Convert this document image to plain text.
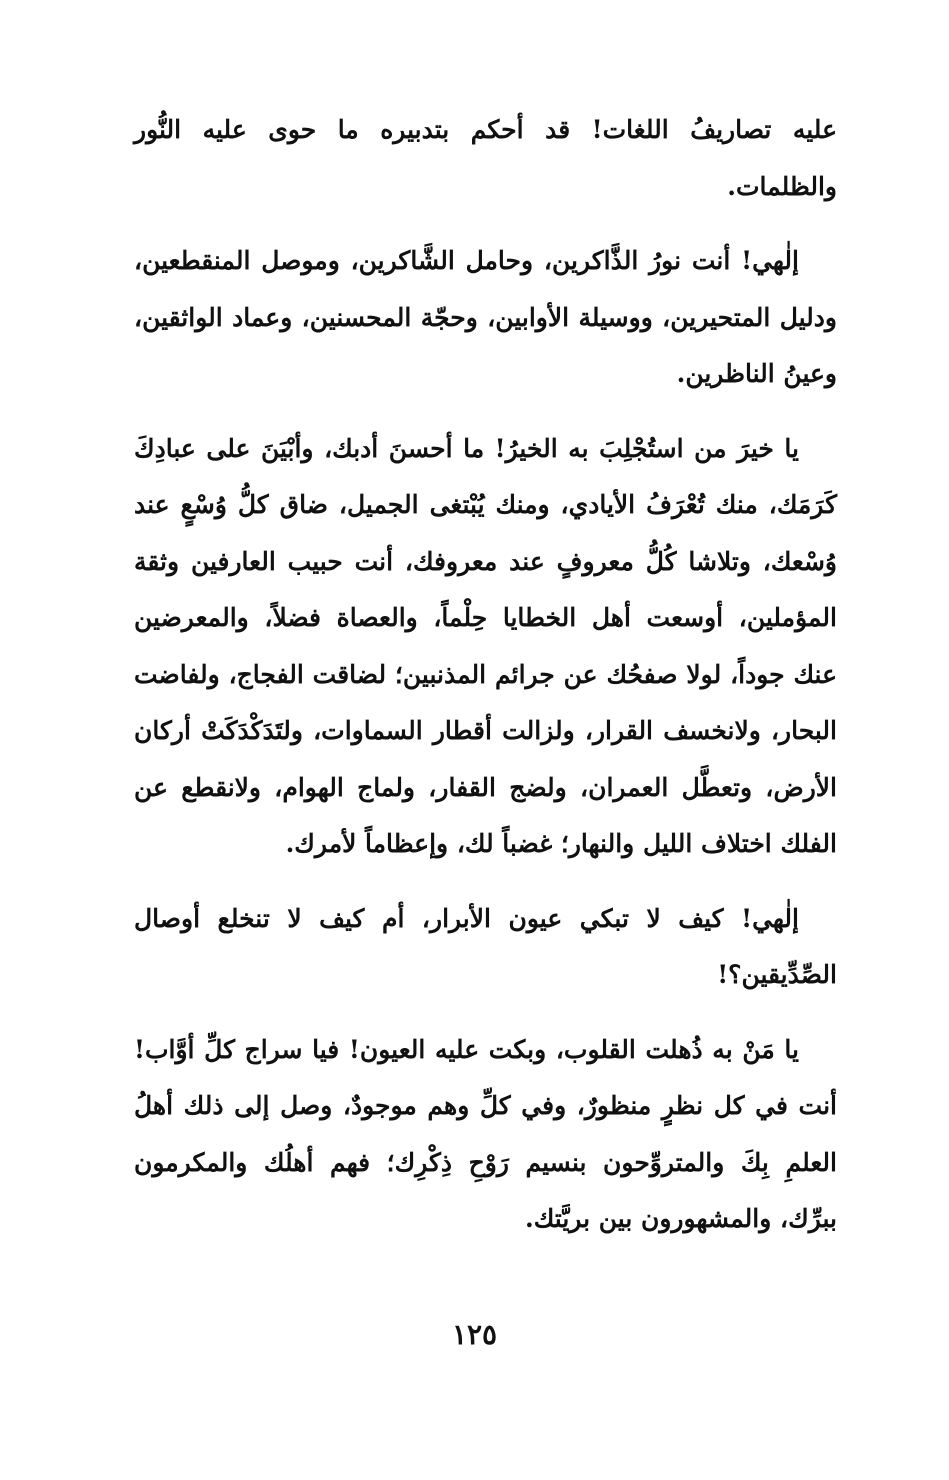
عليه تصاريفُ اللغات! قد أحكم بتدبيره ما حوى عليه النُّور والظلمات.

إلٰهي! أنت نورُ الذَّاكرين، وحامل الشَّاكرين، وموصل المنقطعين، ودليل المتحيرين، ووسيلة الأوابين، وحجّة المحسنين، وعماد الواثقين، وعينُ الناظرين.

يا خيرَ من استُجْلِبَ به الخيرُ! ما أحسنَ أدبك، وأبْيَنَ على عبادِكَ كَرَمَك، منك تُعْرَفُ الأيادي، ومنك يُبْتغى الجميل، ضاق كلُّ وُسْعٍ عند وُسْعك، وتلاشا كُلُّ معروفٍ عند معروفك، أنت حبيب العارفين وثقة المؤملين، أوسعت أهل الخطايا حِلْماً، والعصاة فضلاً، والمعرضين عنك جوداً، لولا صفحُك عن جرائم المذنبين؛ لضاقت الفجاج، ولفاضت البحار، ولانخسف القرار، ولزالت أقطار السماوات، ولتَدَكْدَكَتْ أركان الأرض، وتعطَّل العمران، ولضج القفار، ولماج الهوام، ولانقطع عن الفلك اختلاف الليل والنهار؛ غضباً لك، وإعظاماً لأمرك.

إلٰهي! كيف لا تبكي عيون الأبرار، أم كيف لا تنخلع أوصال الصِّدِّيقين؟!

يا مَنْ به ذُهلت القلوب، وبكت عليه العيون! فيا سراج كلِّ أوَّاب! أنت في كل نظرٍ منظورٌ، وفي كلِّ وهم موجودٌ، وصل إلى ذلك أهلُ العلمِ بِكَ والمتروِّحون بنسيم رَوْحِ ذِكْرِك؛ فهم أهلُك والمكرمون ببرِّك، والمشهورون بين بريَّتك.

١٢٥
